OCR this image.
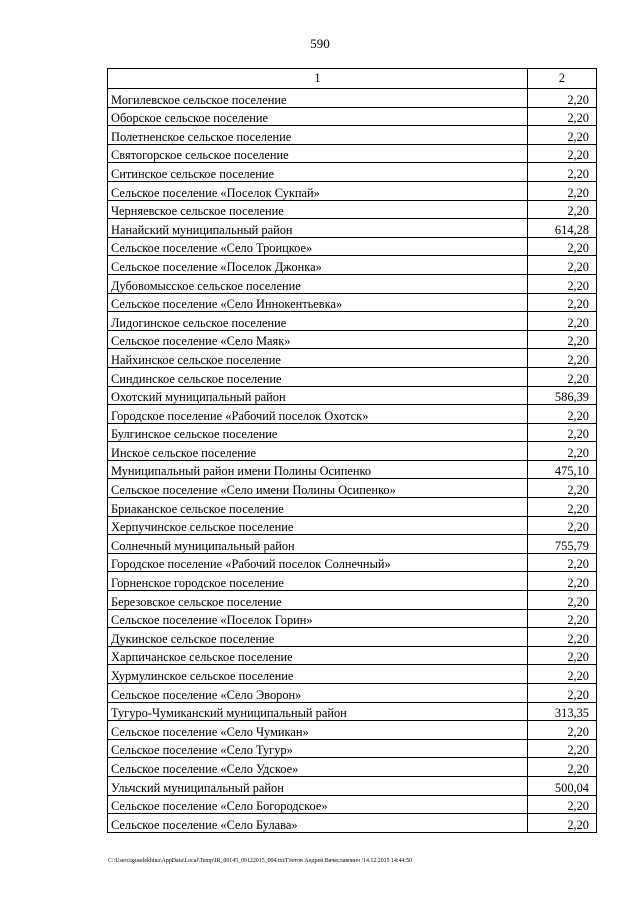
590
1	2
Могилевское сельское поселение	2,20
Оборское сельское поселение	2,20
Полетненское сельское поселение	2,20
Святогорское сельское поселение	2,20
Ситинское сельское поселение	2,20
Сельское поселение «Поселок Сукпай»	2,20
Черняевское сельское поселение	2,20
Нанайский муниципальный район	614,28
Сельское поселение «Село Троицкое»	2,20
Сельское поселение «Поселок Джонка»	2,20
Дубовомысское сельское поселение	2,20
Сельское поселение «Село Иннокентьевка»	2,20
Лидогинское сельское поселение	2,20
Сельское поселение «Село Маяк»	2,20
Найхинское сельское поселение	2,20
Синдинское сельское поселение	2,20
Охотский муниципальный район	586,39
Городское поселение «Рабочий поселок Охотск»	2,20
Булгинское сельское поселение	2,20
Инское сельское поселение	2,20
Муниципальный район имени Полины Осипенко	475,10
Сельское поселение «Село имени Полины Осипенко»	2,20
Бриаканское сельское поселение	2,20
Херпучинское сельское поселение	2,20
Солнечный муниципальный район	755,79
Городское поселение «Рабочий поселок Солнечный»	2,20
Горненское городское поселение	2,20
Березовское сельское поселение	2,20
Сельское поселение «Поселок Горин»	2,20
Дукинское сельское поселение	2,20
Харпичанское сельское поселение	2,20
Хурмулинское сельское поселение	2,20
Сельское поселение «Село Эворон»	2,20
Тугуро-Чумиканский муниципальный район	313,35
Сельское поселение «Село Чумикан»	2,20
Сельское поселение «Село Тугур»	2,20
Сельское поселение «Село Удское»	2,20
Ульчский муниципальный район	500,04
Сельское поселение «Село Богородское»	2,20
Сельское поселение «Село Булава»	2,20
C:\Users\iguselekhina\AppData\Local\Temp\IR_00145_09122015_004.txt/Глотов Андрей Вячеславович /14.12.2015 14:44:50
